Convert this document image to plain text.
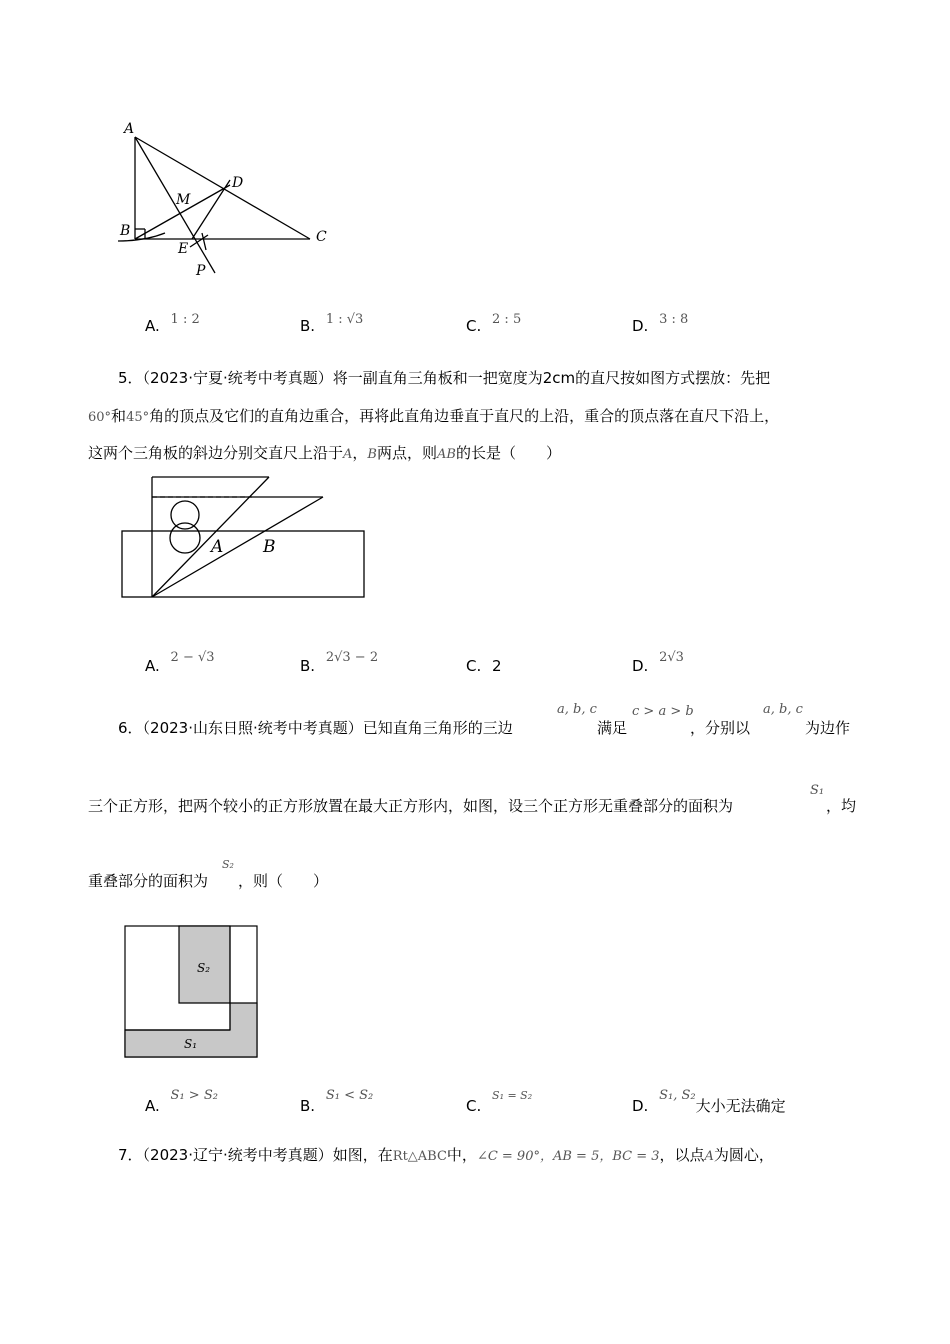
A
B	C
D
M
E
P
A. 1 : 2	B. 1 : √3	C. 2 : 5	D. 3 : 8
5．（2023·宁夏·统考中考真题）将一副直角三角板和一把宽度为2cm的直尺按如图方式摆放：先把
60°和45°角的顶点及它们的直角边重合，再将此直角边垂直于直尺的上沿，重合的顶点落在直尺下沿上，
这两个三角板的斜边分别交直尺上沿于A，B两点，则AB的长是（　　）
A B
A. 2 − √3	B. 2√3 − 2	C. 2	D. 2√3
6．（2023·山东日照·统考中考真题）已知直角三角形的三边
a, b, c
满足
c > a > b
，分别以
a, b, c
为边作
三个正方形，把两个较小的正方形放置在最大正方形内，如图，设三个正方形无重叠部分的面积为
S₁
，均
重叠部分的面积为
S₂
，则（　　）
S₂
S₁
A. S₁ > S₂
B. S₁ < S₂
C. $^{S_1 = S_2}$
D. S₁, S₂大小无法确定
7．（2023·辽宁·统考中考真题）如图，在Rt△ABC中，∠C = 90°，AB = 5，BC = 3，以点A为圆心，
